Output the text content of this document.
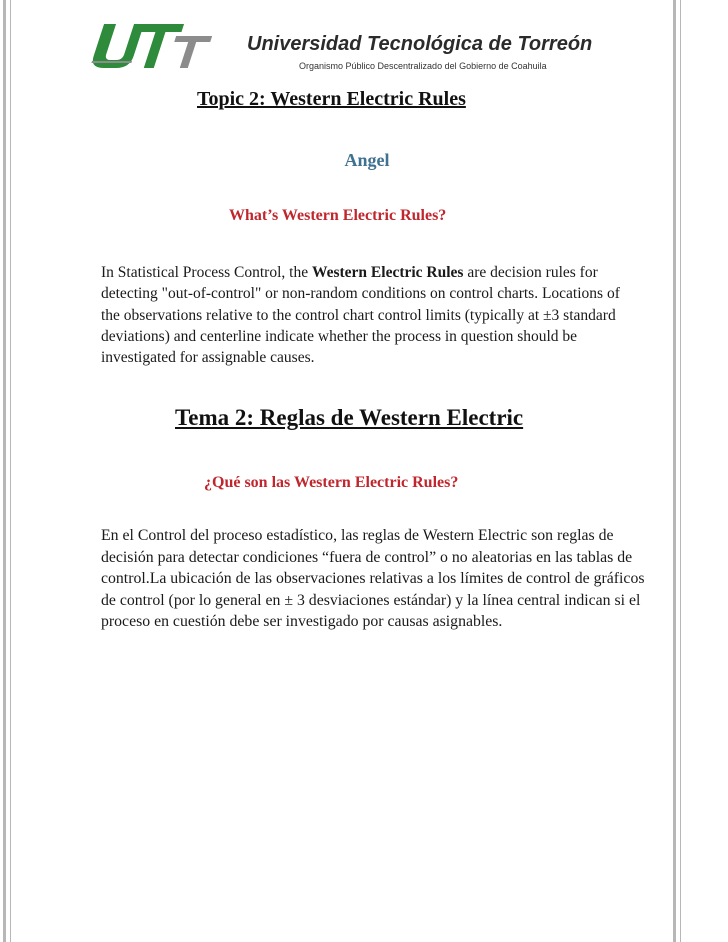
Universidad Tecnológica de Torreón
Organismo Público Descentralizado del Gobierno de Coahuila
Topic 2: Western Electric Rules
Angel
What’s Western Electric Rules?
In Statistical Process Control, the Western Electric Rules are decision rules for detecting "out-of-control" or non-random conditions on control charts. Locations of the observations relative to the control chart control limits (typically at ±3 standard deviations) and centerline indicate whether the process in question should be investigated for assignable causes.
Tema 2: Reglas de Western Electric
¿Qué son las Western Electric Rules?
En el Control del proceso estadístico, las reglas de Western Electric son reglas de decisión para detectar condiciones “fuera de control” o no aleatorias en las tablas de control.La ubicación de las observaciones relativas a los límites de control de gráficos de control (por lo general en ± 3 desviaciones estándar) y la línea central indican si el proceso en cuestión debe ser investigado por causas asignables.
